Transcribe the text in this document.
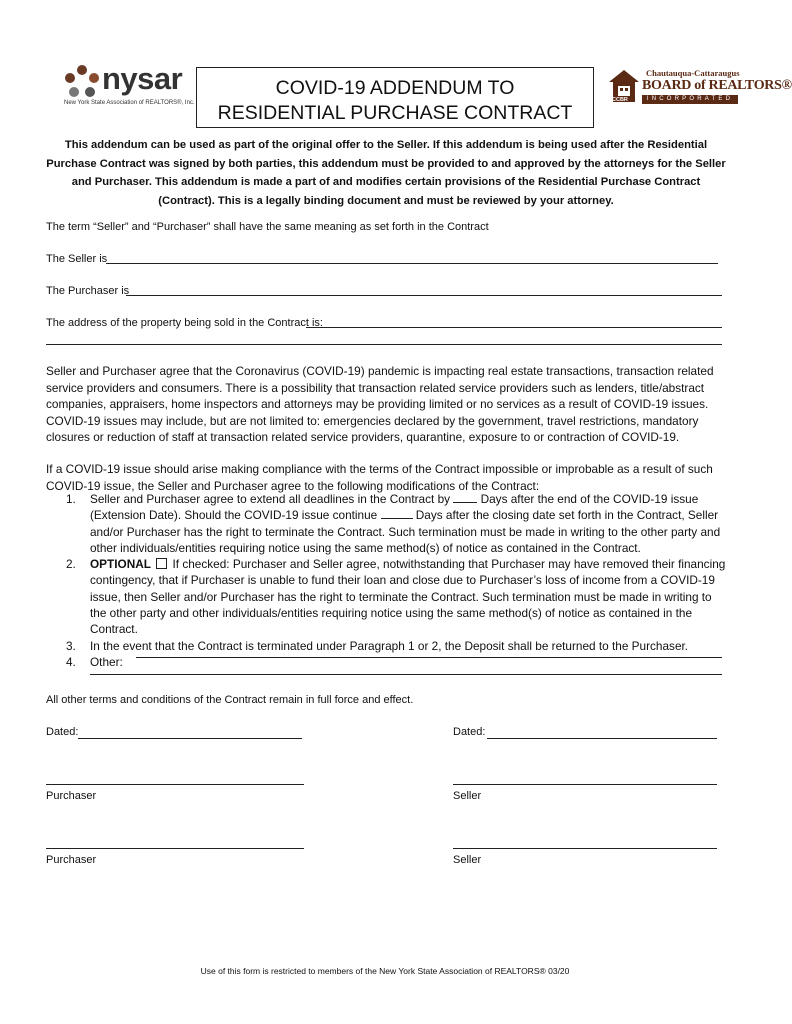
nysar
New York State Association of REALTORS®, Inc.
COVID-19 ADDENDUM TO
RESIDENTIAL PURCHASE CONTRACT
CCBR
Chautauqua-Cattaraugus
BOARD of REALTORS®
INCORPORATED
This addendum can be used as part of the original offer to the Seller. If this addendum is being used after the Residential Purchase Contract was signed by both parties, this addendum must be provided to and approved by the attorneys for the Seller and Purchaser. This addendum is made a part of and modifies certain provisions of the Residential Purchase Contract (Contract). This is a legally binding document and must be reviewed by your attorney.
The term “Seller” and “Purchaser” shall have the same meaning as set forth in the Contract
The Seller is
The Purchaser is
The address of the property being sold in the Contract is:
Seller and Purchaser agree that the Coronavirus (COVID-19) pandemic is impacting real estate transactions, transaction related service providers and consumers. There is a possibility that transaction related service providers such as lenders, title/abstract companies, appraisers, home inspectors and attorneys may be providing limited or no services as a result of COVID-19 issues. COVID-19 issues may include, but are not limited to: emergencies declared by the government, travel restrictions, mandatory closures or reduction of staff at transaction related service providers, quarantine, exposure to or contraction of COVID-19.
If a COVID-19 issue should arise making compliance with the terms of the Contract impossible or improbable as a result of such COVID-19 issue, the Seller and Purchaser agree to the following modifications of the Contract:
1. Seller and Purchaser agree to extend all deadlines in the Contract by	Days after the end of the COVID-19 issue (Extension Date). Should the COVID-19 issue continue	Days after the closing date set forth in the Contract, Seller and/or Purchaser has the right to terminate the Contract. Such termination must be made in writing to the other party and other individuals/entities requiring notice using the same method(s) of notice as contained in the Contract.
2. OPTIONAL If checked: Purchaser and Seller agree, notwithstanding that Purchaser may have removed their financing contingency, that if Purchaser is unable to fund their loan and close due to Purchaser’s loss of income from a COVID-19 issue, then Seller and/or Purchaser has the right to terminate the Contract. Such termination must be made in writing to the other party and other individuals/entities requiring notice using the same method(s) of notice as contained in the Contract.
3. In the event that the Contract is terminated under Paragraph 1 or 2, the Deposit shall be returned to the Purchaser.
4. Other:
All other terms and conditions of the Contract remain in full force and effect.
Dated:	Dated:
Purchaser	Seller
Purchaser	Seller
Use of this form is restricted to members of the New York State Association of REALTORS® 03/20
